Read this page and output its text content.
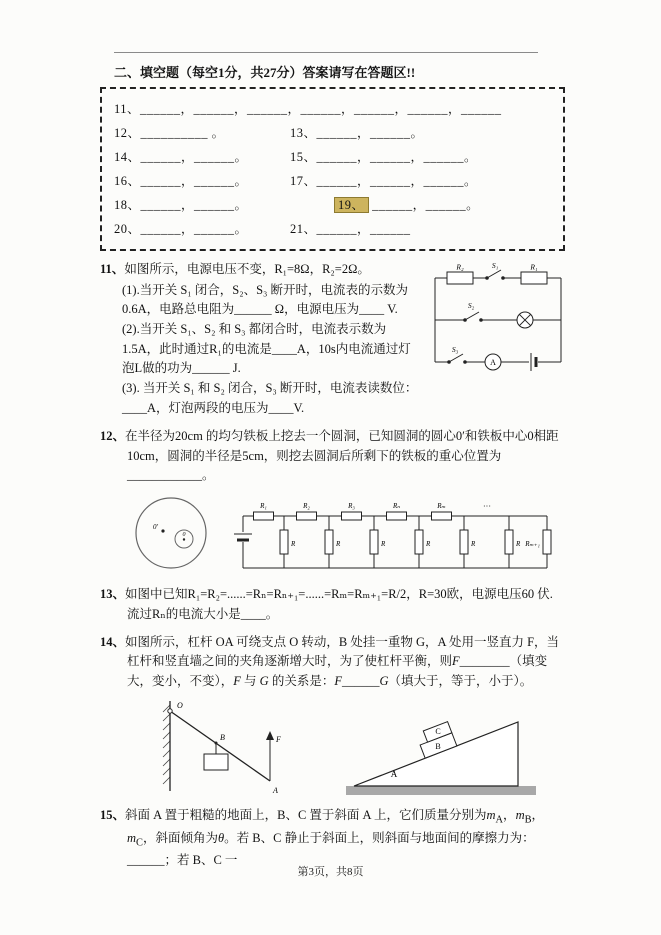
二、填空题（每空1分，共27分）答案请写在答题区!!
11、______，______，______，______，______，______，______
12、__________ 。	13、______，______。
14、______，______。	15、______，______，______。
16、______，______。	17、______，______，______。
18、______，______。	19、 ______，______。
20、______，______。	21、______，______
R₂	S₁	R₁
S₂
S₃
A

11、如图所示，电源电压不变，R₁=8Ω，R₂=2Ω。

(1).当开关 S₁ 闭合，S₂、S₃ 断开时，电流表的示数为0.6A，电路总电阻为______ Ω，电源电压为____ V.

(2).当开关 S₁、S₂ 和 S₃ 都闭合时，电流表示数为1.5A，此时通过R₁的电流是____A，10s内电流通过灯泡L做的功为______ J.

(3). 当开关 S₁ 和 S₂ 闭合，S₃ 断开时，电流表读数位：____A，灯泡两段的电压为____V.

12、在半径为20cm 的均匀铁板上挖去一个圆洞，已知圆洞的圆心0′和铁板中心0相距10cm，圆洞的半径是5cm，则挖去圆洞后所剩下的铁板的重心位置为____________。

0′
0
R₁	R₂	R₃	Rₙ	Rₘ	···
R	R	R	R	R	R Rₘ₊₁

13、如图中已知R₁=R₂=......=Rₙ=Rₙ₊₁=......=Rₘ=Rₘ₊₁=R/2，R=30欧，电源电压60 伏. 流过Rₙ的电流大小是____。

14、如图所示，杠杆 OA 可绕支点 O 转动，B 处挂一重物 G，A 处用一竖直力 F，当杠杆和竖直墙之间的夹角逐渐增大时，为了使杠杆平衡，则F________（填变大，变小，不变），F 与 G 的关系是：F______G（填大于，等于，小于）。

O
B	F
A
B
C
A

15、斜面 A 置于粗糙的地面上，B、C 置于斜面 A 上，它们质量分别为$m_A$，$m_B$，$m_C$，斜面倾角为θ。若 B、C 静止于斜面上，则斜面与地面间的摩擦力为：______；若 B、C 一

第3页，共8页
